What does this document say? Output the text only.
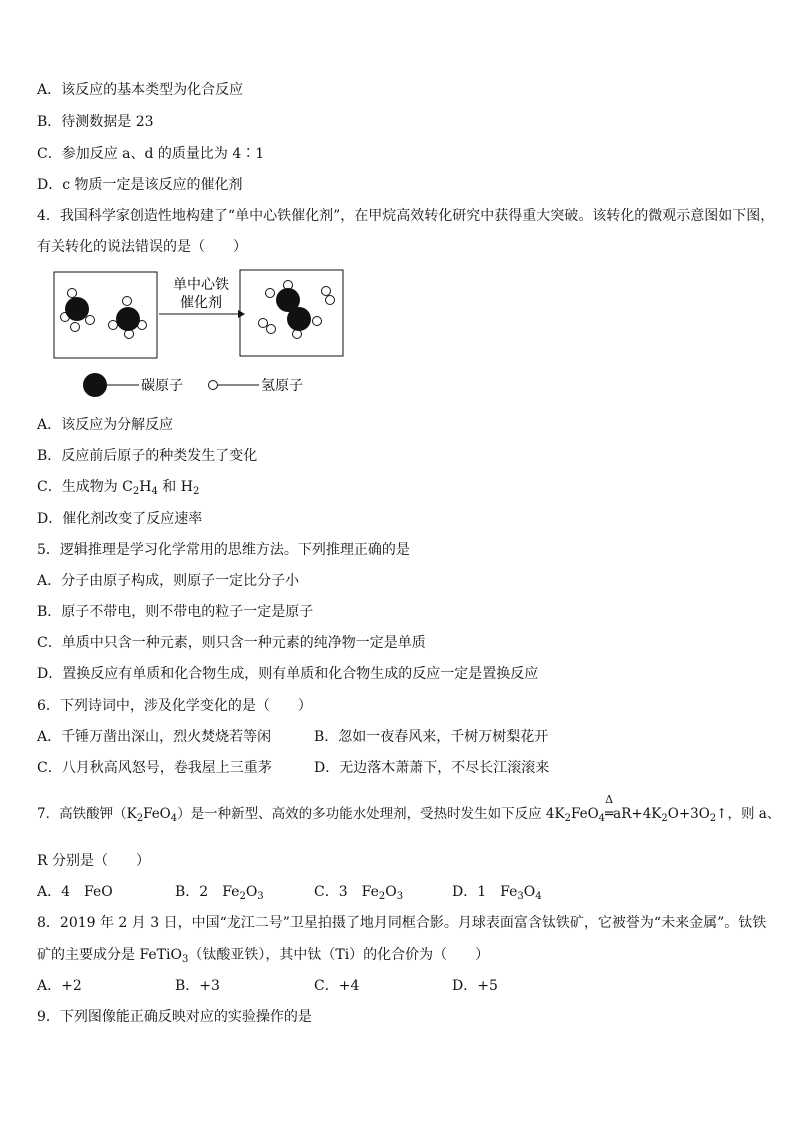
A．该反应的基本类型为化合反应
B．待测数据是 23
C．参加反应 a、d 的质量比为 4∶1
D．c 物质一定是该反应的催化剂
4．我国科学家创造性地构建了“单中心铁催化剂”，在甲烷高效转化研究中获得重大突破。该转化的微观示意图如下图，
有关转化的说法错误的是（　　）
单中心铁
催化剂
碳原子	氢原子
A．该反应为分解反应
B．反应前后原子的种类发生了变化
C．生成物为 $C_2H_4$ 和 $H_2$
D．催化剂改变了反应速率
5．逻辑推理是学习化学常用的思维方法。下列推理正确的是
A．分子由原子构成，则原子一定比分子小
B．原子不带电，则不带电的粒子一定是原子
C．单质中只含一种元素，则只含一种元素的纯净物一定是单质
D．置换反应有单质和化合物生成，则有单质和化合物生成的反应一定是置换反应
6．下列诗词中，涉及化学变化的是（　　）
A．千锤万凿出深山，烈火焚烧若等闲	B．忽如一夜春风来，千树万树梨花开
C．八月秋高风怒号，卷我屋上三重茅	D．无边落木萧萧下，不尽长江滚滚来
7．高铁酸钾$(K_2FeO_4)$是一种新型、高效的多功能水处理剂，受热时发生如下反应 $4K_2FeO_4$
Δ
$═aR+4K_2O+3O_2↑$，则 a、
R 分别是（　　）
A．4　FeO	B．2　$Fe_2O_3$	C．3　$Fe_2O_3$	D．1　$Fe_3O_4$
8．2019 年 2 月 3 日，中国“龙江二号”卫星拍摄了地月同框合影。月球表面富含钛铁矿，它被誉为“未来金属”。钛铁
矿的主要成分是 FeTiO$_3$（钛酸亚铁），其中钛（Ti）的化合价为（　　）
A．+2	B．+3	C．+4	D．+5
9．下列图像能正确反映对应的实验操作的是
